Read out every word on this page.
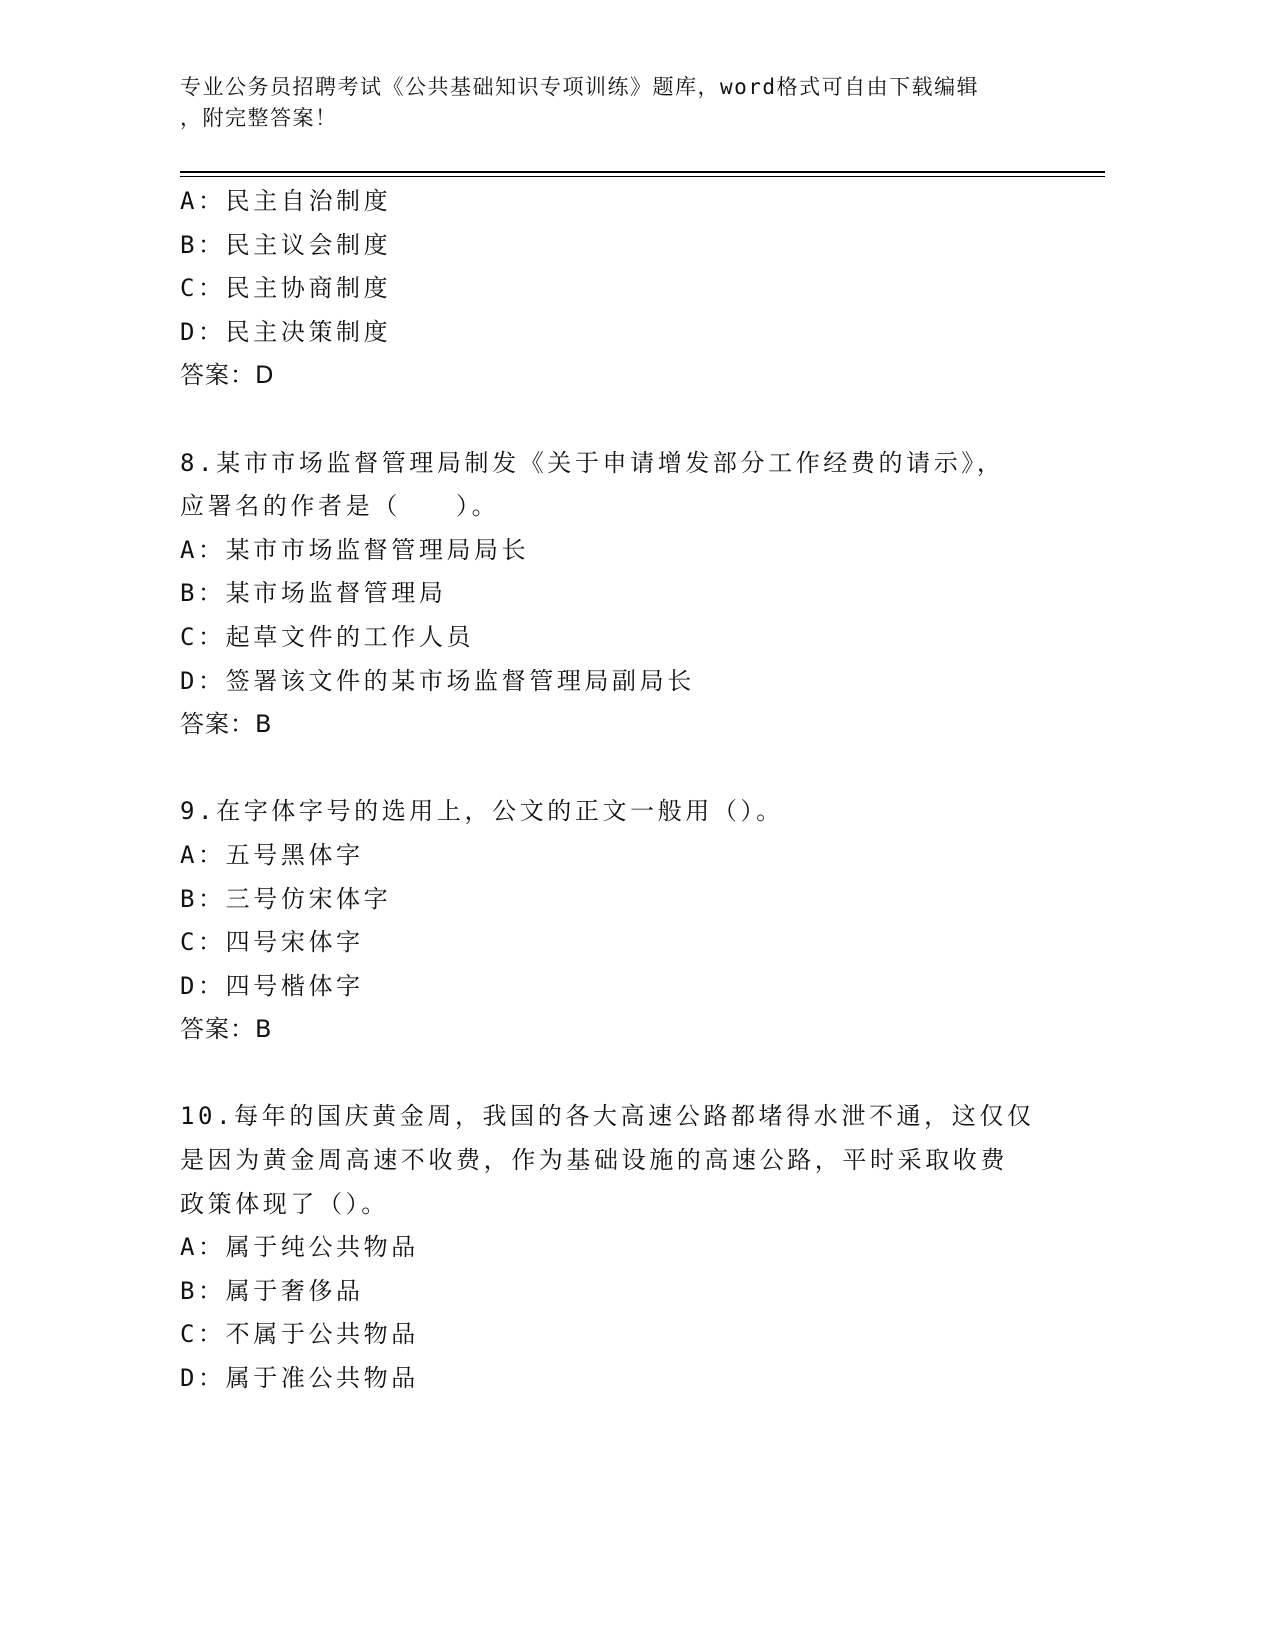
专业公务员招聘考试《公共基础知识专项训练》题库，word格式可自由下载编辑
，附完整答案！
A：民主自治制度
B：民主议会制度
C：民主协商制度
D：民主决策制度
答案：D
8.某市市场监督管理局制发《关于申请增发部分工作经费的请示》，
应署名的作者是（　　）。
A：某市市场监督管理局局长
B：某市场监督管理局
C：起草文件的工作人员
D：签署该文件的某市场监督管理局副局长
答案：B
9.在字体字号的选用上，公文的正文一般用（）。
A：五号黑体字
B：三号仿宋体字
C：四号宋体字
D：四号楷体字
答案：B
10.每年的国庆黄金周，我国的各大高速公路都堵得水泄不通，这仅仅
是因为黄金周高速不收费，作为基础设施的高速公路，平时采取收费
政策体现了（）。
A：属于纯公共物品
B：属于奢侈品
C：不属于公共物品
D：属于准公共物品
